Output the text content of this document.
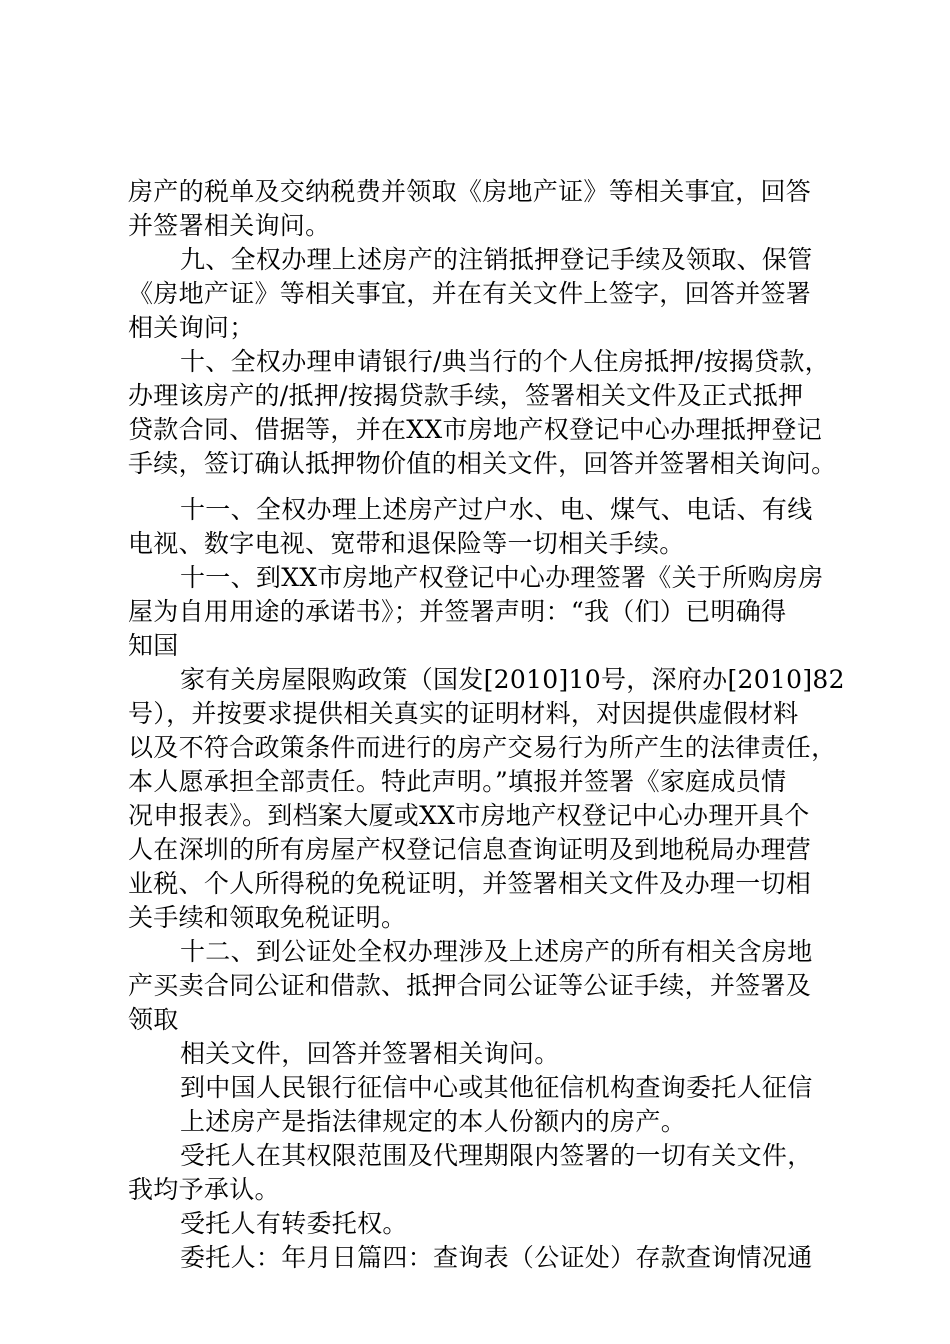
房产的税单及交纳税费并领取《房地产证》等相关事宜，回答
并签署相关询问。
九、全权办理上述房产的注销抵押登记手续及领取、保管
《房地产证》等相关事宜，并在有关文件上签字，回答并签署
相关询问；
十、全权办理申请银行/典当行的个人住房抵押/按揭贷款，
办理该房产的/抵押/按揭贷款手续，签署相关文件及正式抵押
贷款合同、借据等，并在XX市房地产权登记中心办理抵押登记
手续，签订确认抵押物价值的相关文件，回答并签署相关询问。
十一、全权办理上述房产过户水、电、煤气、电话、有线
电视、数字电视、宽带和退保险等一切相关手续。
十一、到XX市房地产权登记中心办理签署《关于所购房房
屋为自用用途的承诺书》；并签署声明：“我（们）已明确得
知国
家有关房屋限购政策（国发[2010]10号，深府办[2010]82
号），并按要求提供相关真实的证明材料，对因提供虚假材料
以及不符合政策条件而进行的房产交易行为所产生的法律责任，
本人愿承担全部责任。特此声明。”填报并签署《家庭成员情
况申报表》。到档案大厦或XX市房地产权登记中心办理开具个
人在深圳的所有房屋产权登记信息查询证明及到地税局办理营
业税、个人所得税的免税证明，并签署相关文件及办理一切相
关手续和领取免税证明。
十二、到公证处全权办理涉及上述房产的所有相关含房地
产买卖合同公证和借款、抵押合同公证等公证手续，并签署及
领取
相关文件，回答并签署相关询问。
到中国人民银行征信中心或其他征信机构查询委托人征信
上述房产是指法律规定的本人份额内的房产。
受托人在其权限范围及代理期限内签署的一切有关文件，
我均予承认。
受托人有转委托权。
委托人：年月日篇四：查询表（公证处）存款查询情况通
